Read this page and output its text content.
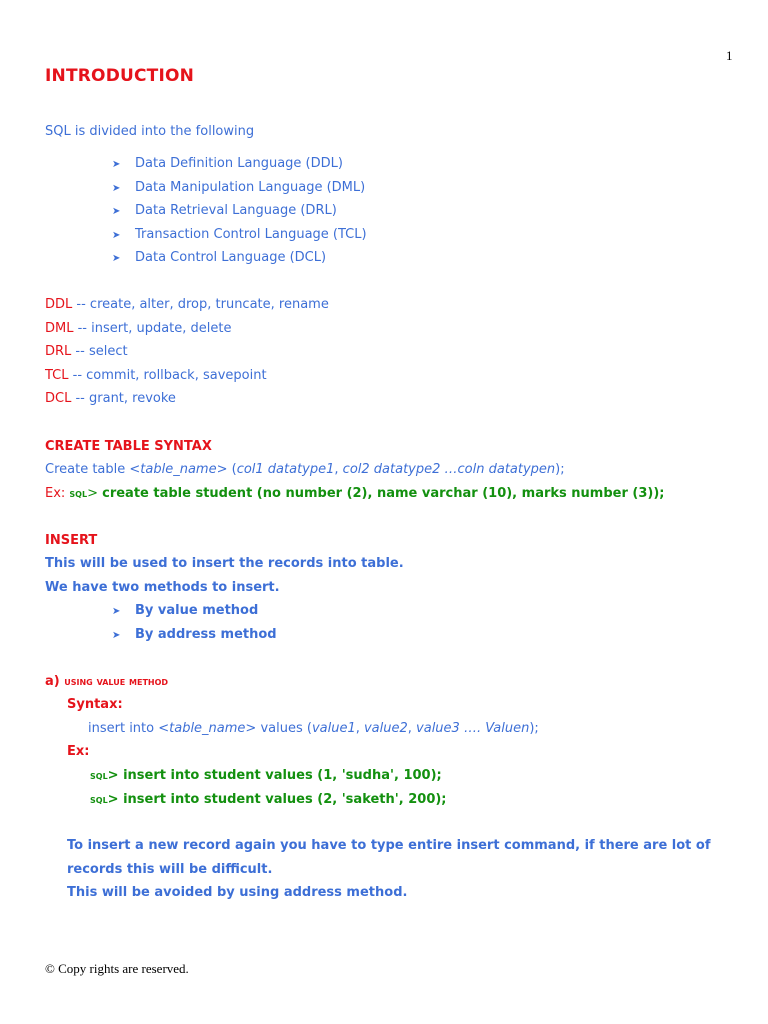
1
INTRODUCTION
SQL is divided into the following
➤ Data Definition Language (DDL)
➤ Data Manipulation Language (DML)
➤ Data Retrieval Language (DRL)
➤ Transaction Control Language (TCL)
➤ Data Control Language (DCL)
DDL -- create, alter, drop, truncate, rename
DML -- insert, update, delete
DRL -- select
TCL -- commit, rollback, savepoint
DCL -- grant, revoke
CREATE TABLE SYNTAX
Create table <table_name> (col1 datatype1, col2 datatype2 …coln datatypen);
Ex: sql> create table student (no number (2), name varchar (10), marks number (3));
INSERT
This will be used to insert the records into table.
We have two methods to insert.
➤ By value method
➤ By address method
a) using value method
Syntax:
insert into <table_name> values (value1, value2, value3 …. Valuen);
Ex:
sql> insert into student values (1, 'sudha', 100);
sql> insert into student values (2, 'saketh', 200);
To insert a new record again you have to type entire insert command, if there are lot of
records this will be difficult.
This will be avoided by using address method.
© Copy rights are reserved.
